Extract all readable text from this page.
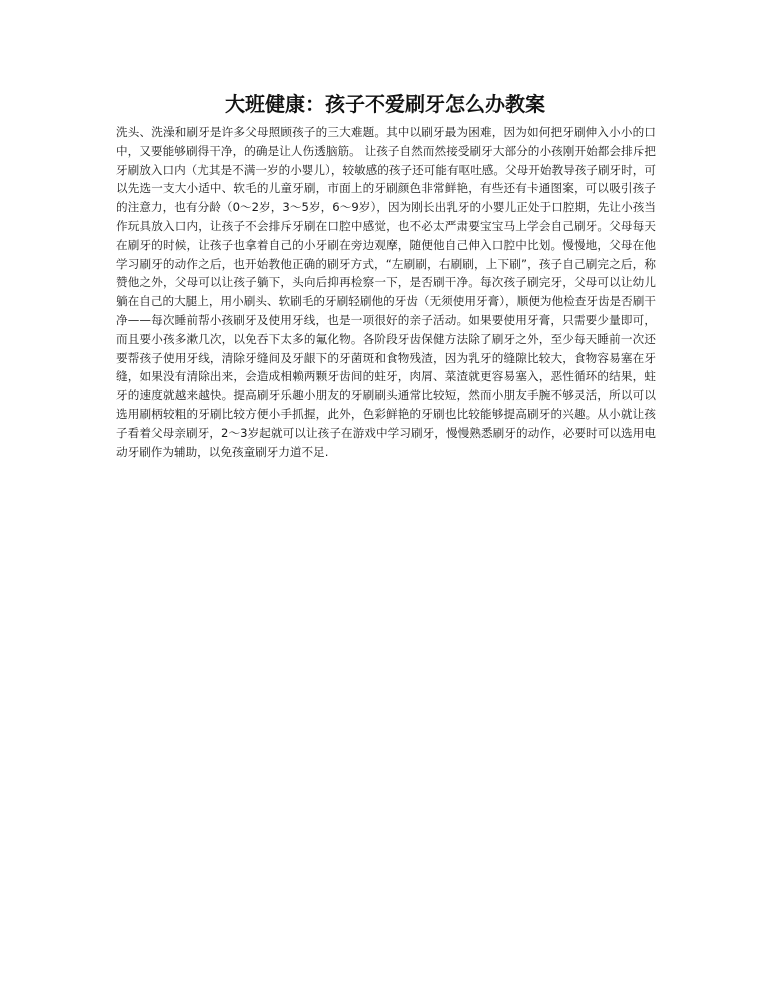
大班健康：孩子不爱刷牙怎么办教案

洗头、洗澡和刷牙是许多父母照顾孩子的三大难题。其中以刷牙最为困难，因为如何把牙刷伸入小小的口中，又要能够刷得干净，的确是让人伤透脑筋。 让孩子自然而然接受刷牙大部分的小孩刚开始都会排斥把牙刷放入口内（尤其是不满一岁的小婴儿），较敏感的孩子还可能有呕吐感。父母开始教导孩子刷牙时，可以先选一支大小适中、软毛的儿童牙刷，市面上的牙刷颜色非常鲜艳，有些还有卡通图案，可以吸引孩子的注意力，也有分龄（0～2岁，3～5岁，6～9岁），因为刚长出乳牙的小婴儿正处于口腔期，先让小孩当作玩具放入口内，让孩子不会排斥牙刷在口腔中感觉，也不必太严肃要宝宝马上学会自己刷牙。父母每天在刷牙的时候，让孩子也拿着自己的小牙刷在旁边观摩，随便他自己伸入口腔中比划。慢慢地，父母在他学习刷牙的动作之后，也开始教他正确的刷牙方式，“左刷刷，右刷刷，上下刷”，孩子自己刷完之后，称赞他之外，父母可以让孩子躺下，头向后抑再检察一下，是否刷干净。每次孩子刷完牙，父母可以让幼儿躺在自己的大腿上，用小刷头、软刷毛的牙刷轻刷他的牙齿（无须使用牙膏），顺便为他检查牙齿是否刷干净——每次睡前帮小孩刷牙及使用牙线，也是一项很好的亲子活动。如果要使用牙膏，只需要少量即可，而且要小孩多漱几次，以免吞下太多的氟化物。各阶段牙齿保健方法除了刷牙之外，至少每天睡前一次还要帮孩子使用牙线，清除牙缝间及牙龈下的牙菌斑和食物残渣，因为乳牙的缝隙比较大，食物容易塞在牙缝，如果没有清除出来，会造成相赖两颗牙齿间的蛀牙，肉屑、菜渣就更容易塞入，恶性循环的结果，蛀牙的速度就越来越快。提高刷牙乐趣小朋友的牙刷刷头通常比较短，然而小朋友手腕不够灵活，所以可以选用刷柄较粗的牙刷比较方便小手抓握，此外，色彩鲜艳的牙刷也比较能够提高刷牙的兴趣。从小就让孩子看着父母亲刷牙，2～3岁起就可以让孩子在游戏中学习刷牙，慢慢熟悉刷牙的动作，必要时可以选用电动牙刷作为辅助，以免孩童刷牙力道不足.
